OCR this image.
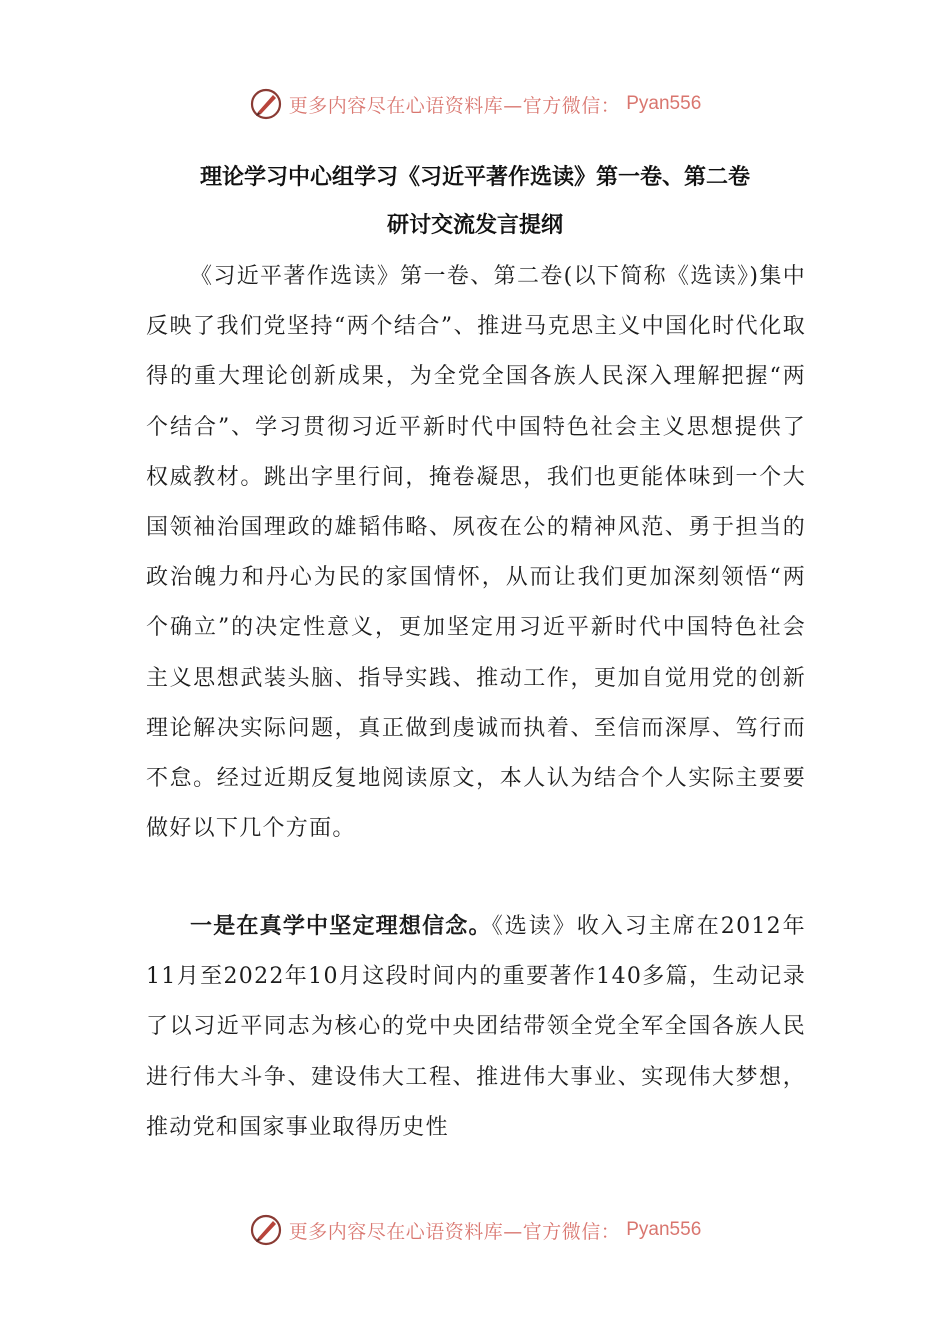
更多内容尽在心语资料库—官方微信： Pyan556
理论学习中心组学习《习近平著作选读》第一卷、第二卷
研讨交流发言提纲

《习近平著作选读》第一卷、第二卷(以下简称《选读》)集中反映了我们党坚持“两个结合”、推进马克思主义中国化时代化取得的重大理论创新成果，为全党全国各族人民深入理解把握“两个结合”、学习贯彻习近平新时代中国特色社会主义思想提供了权威教材。跳出字里行间，掩卷凝思，我们也更能体味到一个大国领袖治国理政的雄韬伟略、夙夜在公的精神风范、勇于担当的政治魄力和丹心为民的家国情怀，从而让我们更加深刻领悟“两个确立”的决定性意义，更加坚定用习近平新时代中国特色社会主义思想武装头脑、指导实践、推动工作，更加自觉用党的创新理论解决实际问题，真正做到虔诚而执着、至信而深厚、笃行而不怠。经过近期反复地阅读原文，本人认为结合个人实际主要要做好以下几个方面。

一是在真学中坚定理想信念。《选读》收入习主席在2012年11月至2022年10月这段时间内的重要著作140多篇，生动记录了以习近平同志为核心的党中央团结带领全党全军全国各族人民进行伟大斗争、建设伟大工程、推进伟大事业、实现伟大梦想，推动党和国家事业取得历史性

更多内容尽在心语资料库—官方微信： Pyan556
